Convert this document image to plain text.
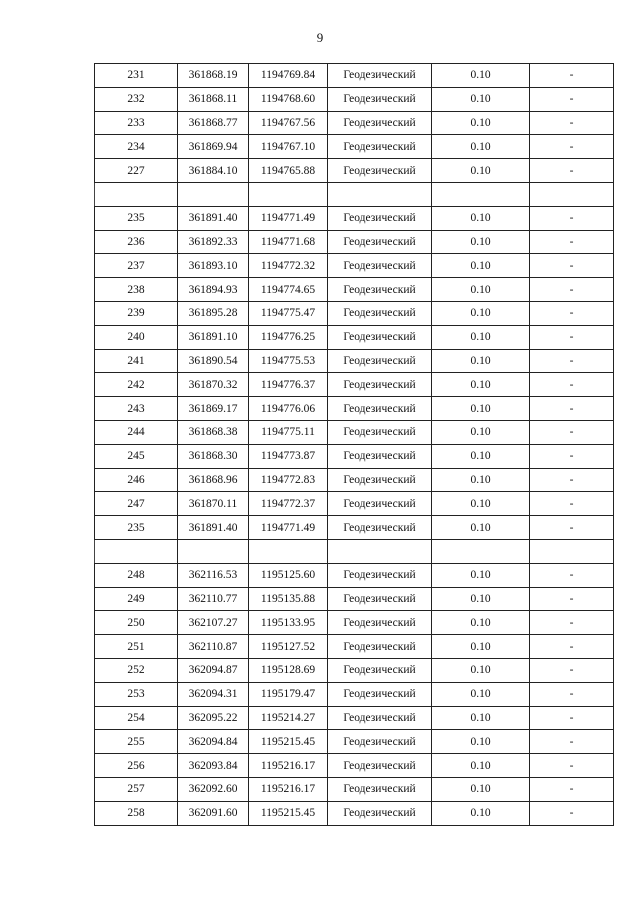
9
231	361868.19	1194769.84	Геодезический	0.10	-
232	361868.11	1194768.60	Геодезический	0.10	-
233	361868.77	1194767.56	Геодезический	0.10	-
234	361869.94	1194767.10	Геодезический	0.10	-
227	361884.10	1194765.88	Геодезический	0.10	-

235	361891.40	1194771.49	Геодезический	0.10	-
236	361892.33	1194771.68	Геодезический	0.10	-
237	361893.10	1194772.32	Геодезический	0.10	-
238	361894.93	1194774.65	Геодезический	0.10	-
239	361895.28	1194775.47	Геодезический	0.10	-
240	361891.10	1194776.25	Геодезический	0.10	-
241	361890.54	1194775.53	Геодезический	0.10	-
242	361870.32	1194776.37	Геодезический	0.10	-
243	361869.17	1194776.06	Геодезический	0.10	-
244	361868.38	1194775.11	Геодезический	0.10	-
245	361868.30	1194773.87	Геодезический	0.10	-
246	361868.96	1194772.83	Геодезический	0.10	-
247	361870.11	1194772.37	Геодезический	0.10	-
235	361891.40	1194771.49	Геодезический	0.10	-

248	362116.53	1195125.60	Геодезический	0.10	-
249	362110.77	1195135.88	Геодезический	0.10	-
250	362107.27	1195133.95	Геодезический	0.10	-
251	362110.87	1195127.52	Геодезический	0.10	-
252	362094.87	1195128.69	Геодезический	0.10	-
253	362094.31	1195179.47	Геодезический	0.10	-
254	362095.22	1195214.27	Геодезический	0.10	-
255	362094.84	1195215.45	Геодезический	0.10	-
256	362093.84	1195216.17	Геодезический	0.10	-
257	362092.60	1195216.17	Геодезический	0.10	-
258	362091.60	1195215.45	Геодезический	0.10	-
